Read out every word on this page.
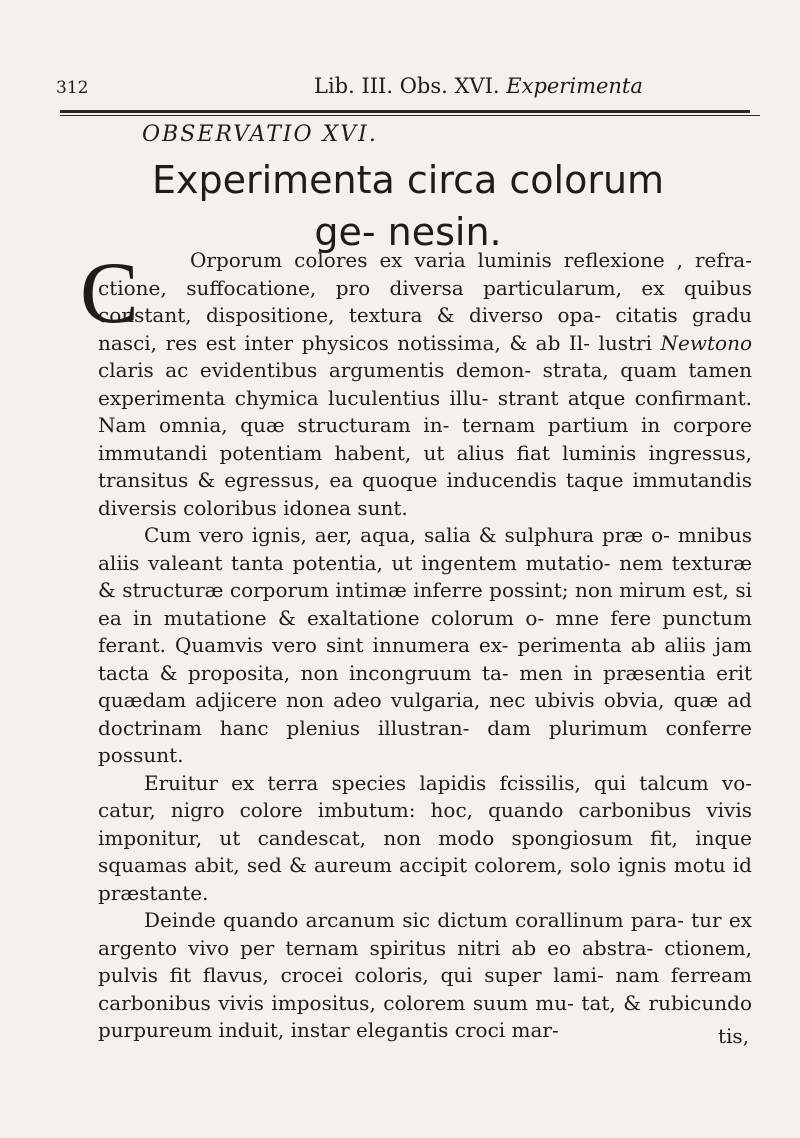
312	Lib. III. Obs. XVI. Experimenta
OBSERVATIO XVI.
Experimenta circa colorum ge- nesin.
C	Orporum colores ex varia luminis reflexione , refra- ctione, suffocatione, pro diversa particularum, ex quibus constant, dispositione, textura & diverso opa- citatis gradu nasci, res est inter physicos notissima, & ab Il- lustri Newtono claris ac evidentibus argumentis demon- strata, quam tamen experimenta chymica luculentius illu- strant atque confirmant. Nam omnia, quæ structuram in- ternam partium in corpore immutandi potentiam habent, ut alius fiat luminis ingressus, transitus & egressus, ea quoque inducendis taque immutandis diversis coloribus idonea sunt.

Cum vero ignis, aer, aqua, salia & sulphura præ o- mnibus aliis valeant tanta potentia, ut ingentem mutatio- nem texturæ & structuræ corporum intimæ inferre possint; non mirum est, si ea in mutatione & exaltatione colorum o- mne fere punctum ferant. Quamvis vero sint innumera ex- perimenta ab aliis jam tacta & proposita, non incongruum ta- men in præsentia erit quædam adjicere non adeo vulgaria, nec ubivis obvia, quæ ad doctrinam hanc plenius illustran- dam plurimum conferre possunt.

Eruitur ex terra species lapidis fcissilis, qui talcum vo- catur, nigro colore imbutum: hoc, quando carbonibus vivis imponitur, ut candescat, non modo spongiosum fit, inque squamas abit, sed & aureum accipit colorem, solo ignis motu id præstante.

Deinde quando arcanum sic dictum corallinum para- tur ex argento vivo per ternam spiritus nitri ab eo abstra- ctionem, pulvis fit flavus, crocei coloris, qui super lami- nam ferream carbonibus vivis impositus, colorem suum mu- tat, & rubicundo purpureum induit, instar elegantis croci mar-	tis,
